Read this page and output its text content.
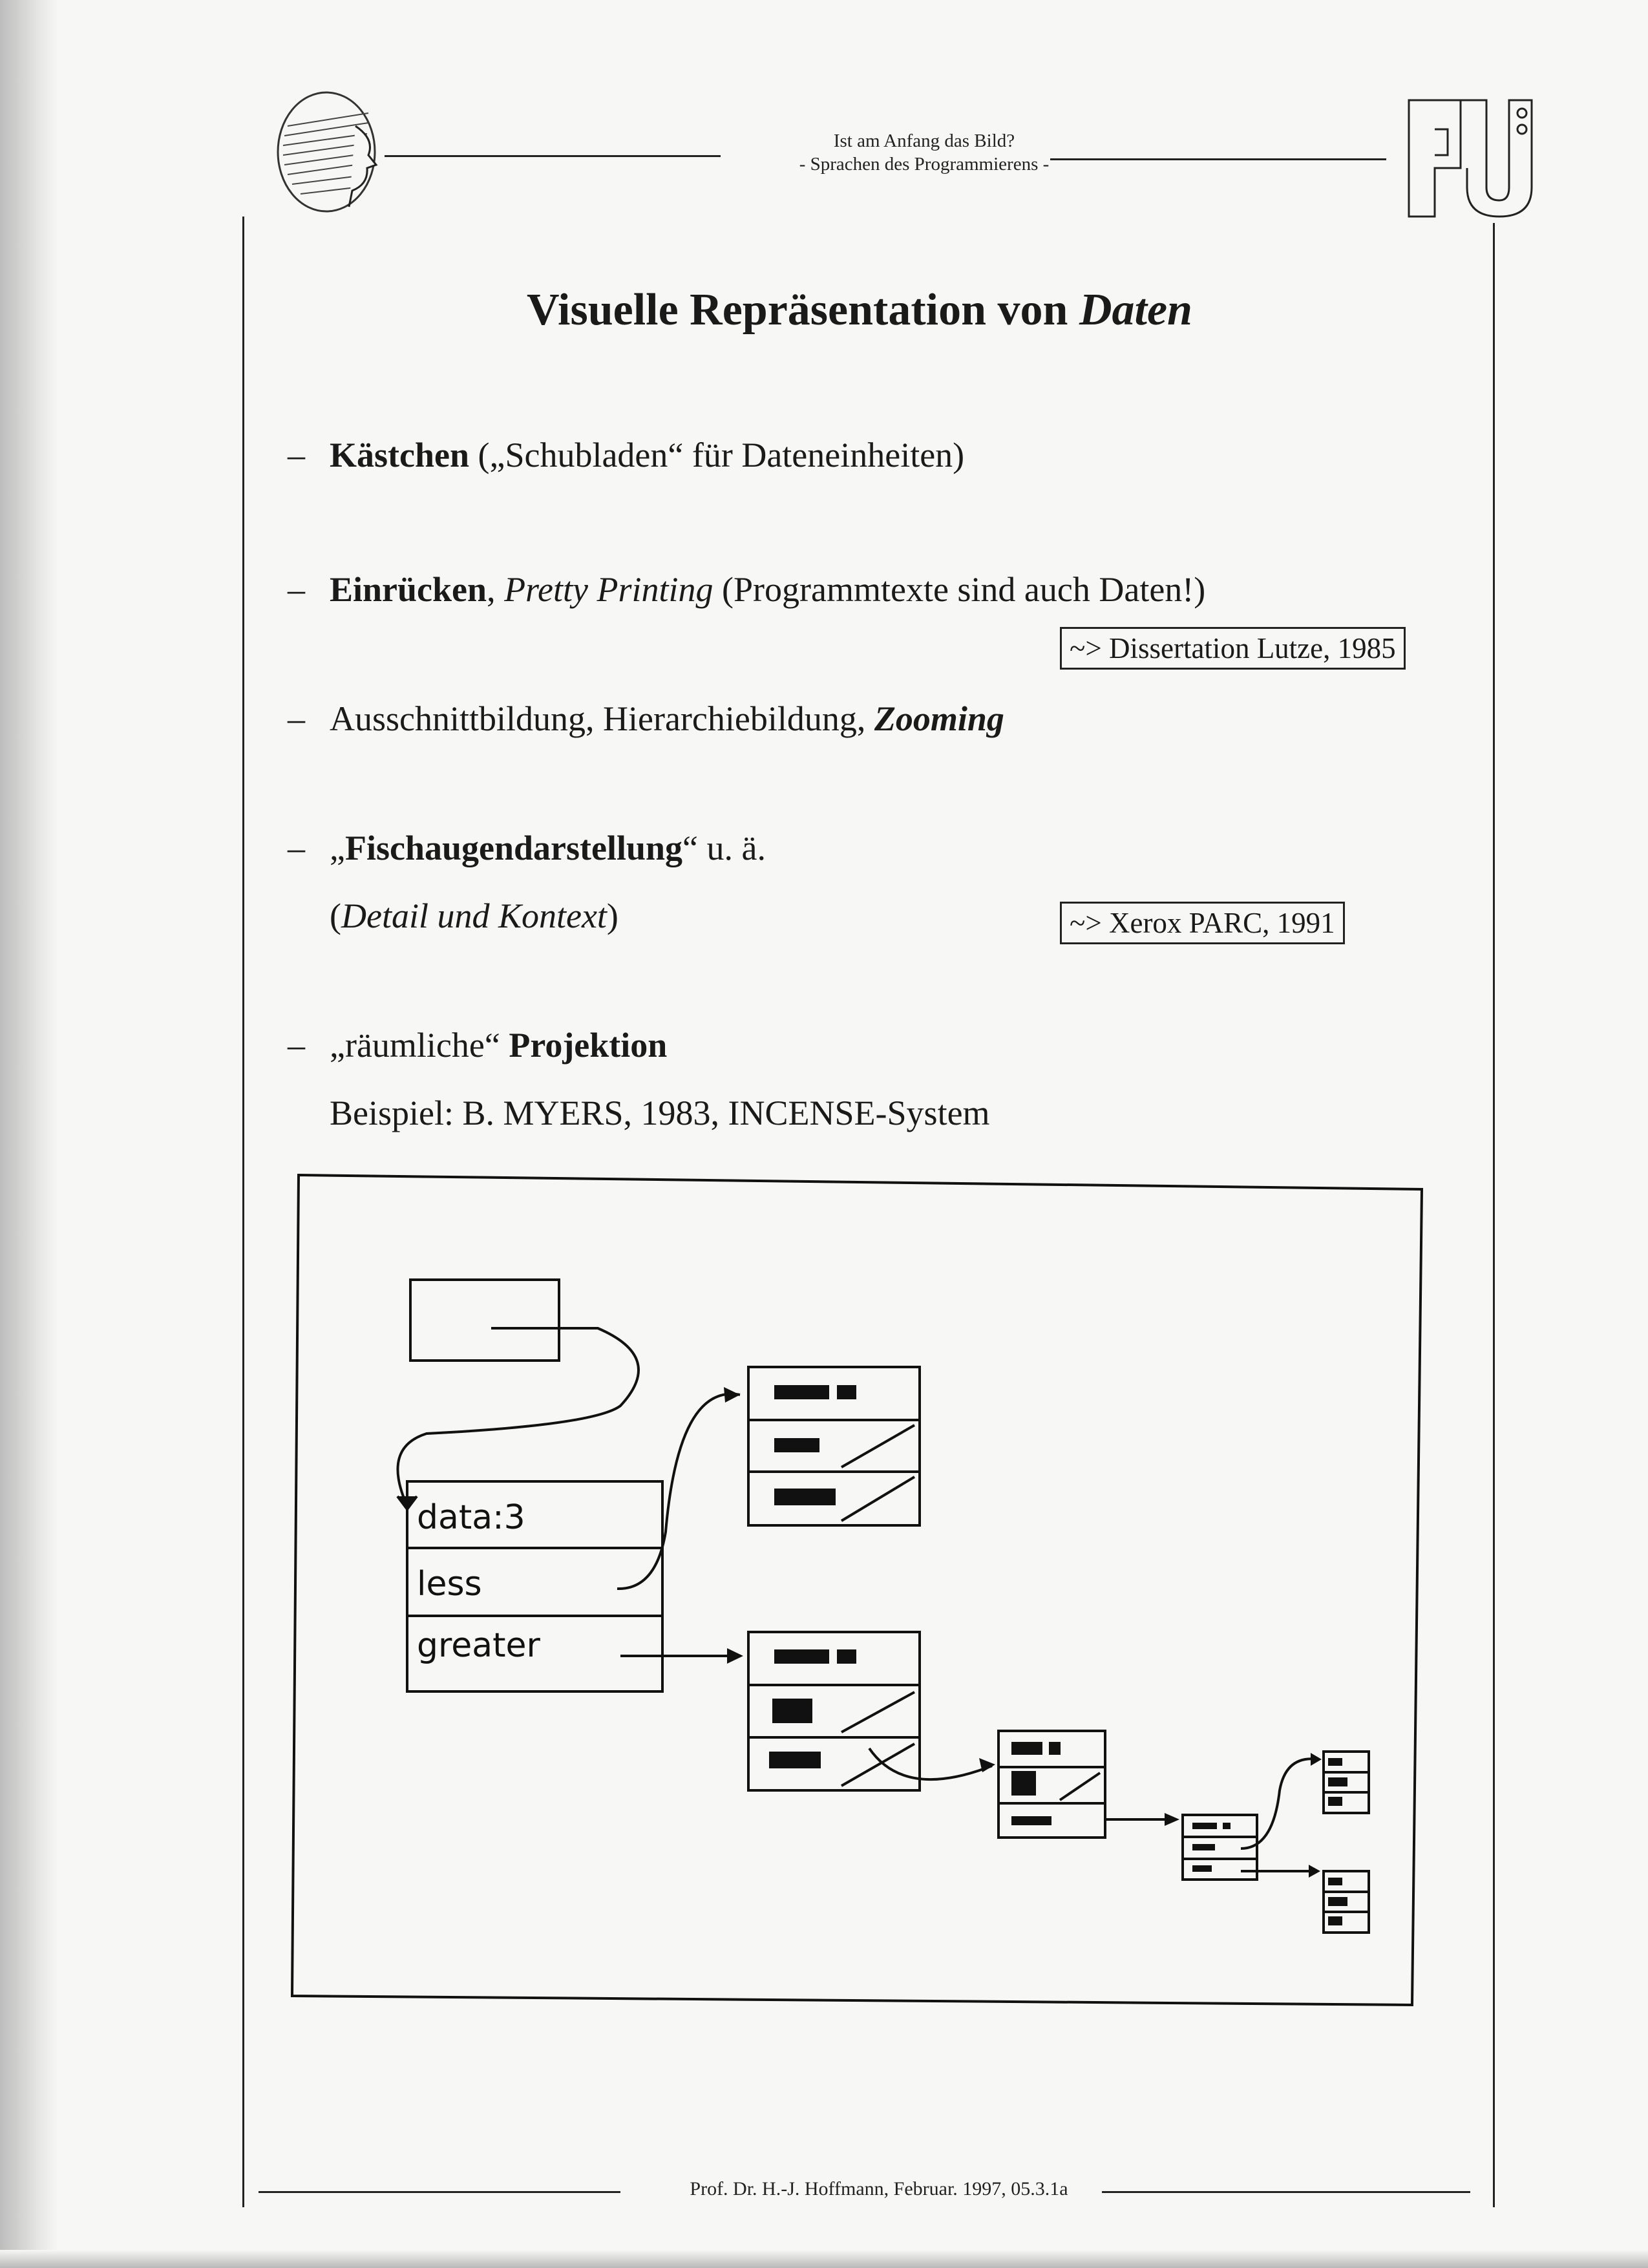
Ist am Anfang das Bild?
- Sprachen des Programmierens -
Visuelle Repräsentation von Daten
– Kästchen („Schubladen“ für Dateneinheiten)
– Einrücken, Pretty Printing (Programmtexte sind auch Daten!)
~> Dissertation Lutze, 1985
– Ausschnittbildung, Hierarchiebildung, Zooming
– „Fischaugendarstellung“ u. ä.
(Detail und Kontext)	~> Xerox PARC, 1991
– „räumliche“ Projektion
Beispiel: B. MYERS, 1983, INCENSE-System
data:3
less
greater
Prof. Dr. H.-J. Hoffmann, Februar. 1997, 05.3.1a
